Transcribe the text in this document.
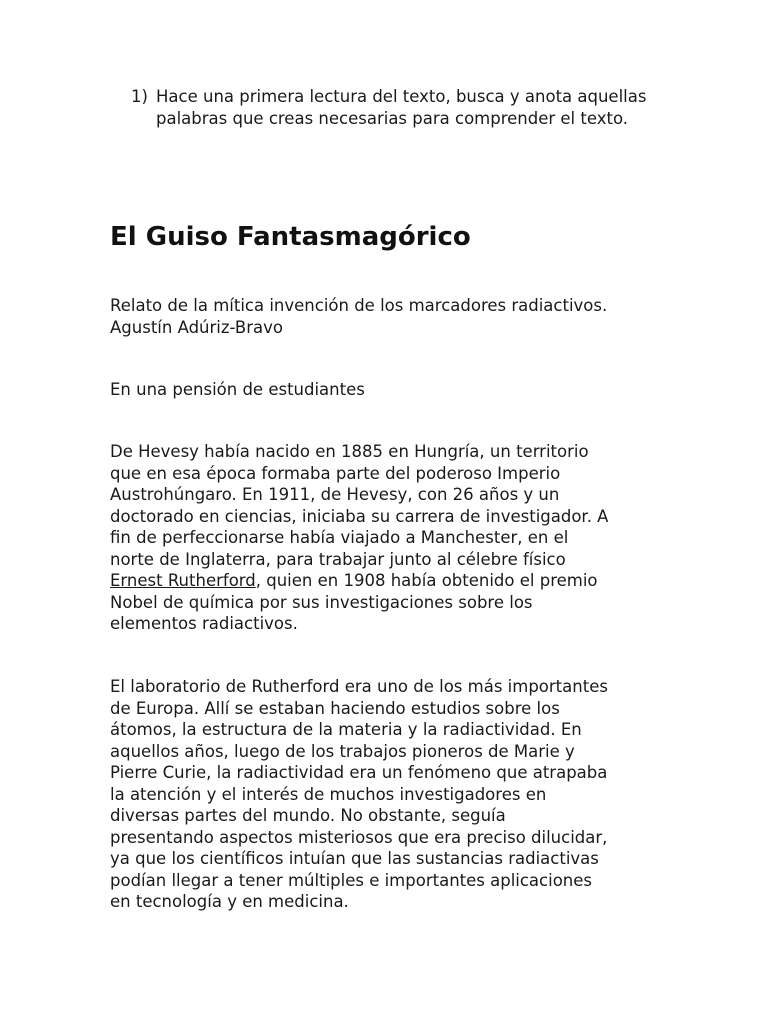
1) Hace una primera lectura del texto, busca y anota aquellas palabras que creas necesarias para comprender el texto.
El Guiso Fantasmagórico
Relato de la mítica invención de los marcadores radiactivos.
Agustín Adúriz-Bravo
En una pensión de estudiantes
De Hevesy había nacido en 1885 en Hungría, un territorio
que en esa época formaba parte del poderoso Imperio
Austrohúngaro. En 1911, de Hevesy, con 26 años y un
doctorado en ciencias, iniciaba su carrera de investigador. A
fin de perfeccionarse había viajado a Manchester, en el
norte de Inglaterra, para trabajar junto al célebre físico
Ernest Rutherford, quien en 1908 había obtenido el premio
Nobel de química por sus investigaciones sobre los
elementos radiactivos.
El laboratorio de Rutherford era uno de los más importantes
de Europa. Allí se estaban haciendo estudios sobre los
átomos, la estructura de la materia y la radiactividad. En
aquellos años, luego de los trabajos pioneros de Marie y
Pierre Curie, la radiactividad era un fenómeno que atrapaba
la atención y el interés de muchos investigadores en
diversas partes del mundo. No obstante, seguía
presentando aspectos misteriosos que era preciso dilucidar,
ya que los científicos intuían que las sustancias radiactivas
podían llegar a tener múltiples e importantes aplicaciones
en tecnología y en medicina.
